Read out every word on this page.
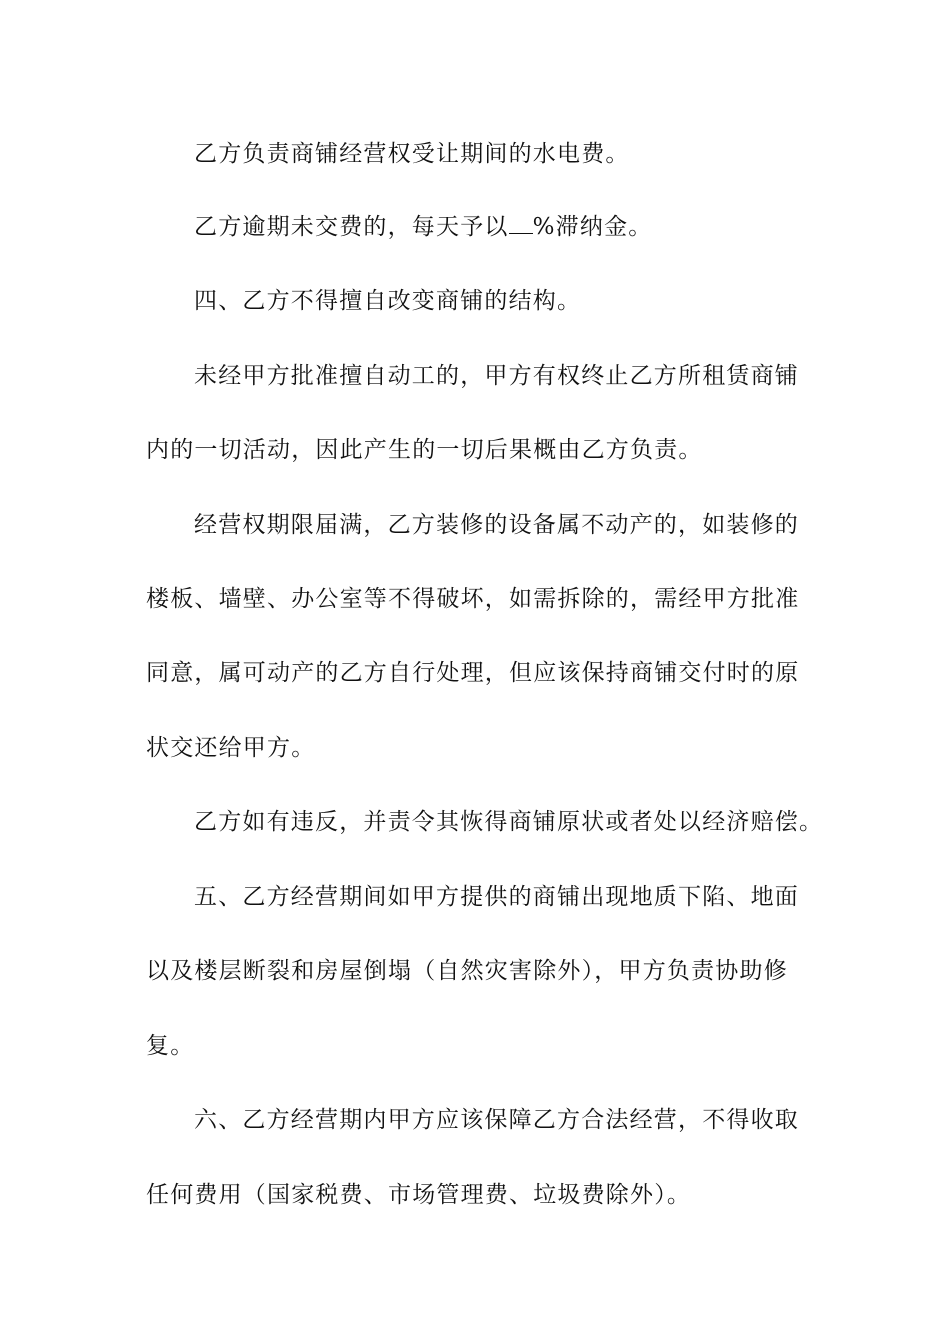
乙方负责商铺经营权受让期间的水电费。
乙方逾期未交费的，每天予以 %滞纳金。
四、乙方不得擅自改变商铺的结构。
未经甲方批准擅自动工的，甲方有权终止乙方所租赁商铺
内的一切活动，因此产生的一切后果概由乙方负责。
经营权期限届满，乙方装修的设备属不动产的，如装修的
楼板、墙壁、办公室等不得破坏，如需拆除的，需经甲方批准
同意，属可动产的乙方自行处理，但应该保持商铺交付时的原
状交还给甲方。
乙方如有违反，并责令其恢得商铺原状或者处以经济赔偿。
五、乙方经营期间如甲方提供的商铺出现地质下陷、地面
以及楼层断裂和房屋倒塌（自然灾害除外），甲方负责协助修
复。
六、乙方经营期内甲方应该保障乙方合法经营，不得收取
任何费用（国家税费、市场管理费、垃圾费除外）。
